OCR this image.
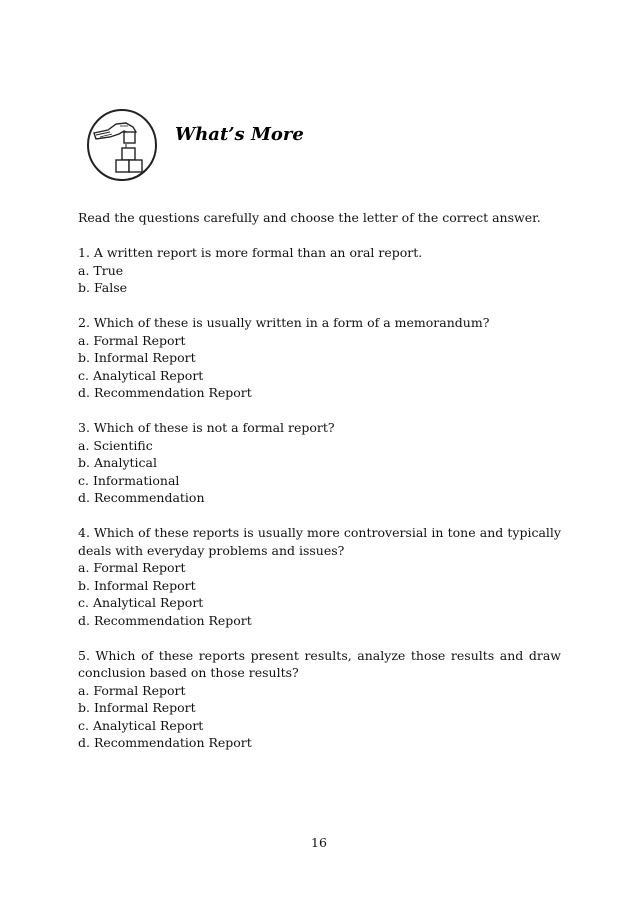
What’s More

Read the questions carefully and choose the letter of the correct answer.

1. A written report is more formal than an oral report.

a. True
b. False

2. Which of these is usually written in a form of a memorandum?

a. Formal Report
b. Informal Report
c. Analytical Report
d. Recommendation Report

3. Which of these is not a formal report?

a. Scientific
b. Analytical
c. Informational
d. Recommendation

4. Which of these reports is usually more controversial in tone and typically deals with everyday problems and issues?

a. Formal Report
b. Informal Report
c. Analytical Report
d. Recommendation Report

5. Which of these reports present results, analyze those results and draw conclusion based on those results?

a. Formal Report
b. Informal Report
c. Analytical Report
d. Recommendation Report

16
